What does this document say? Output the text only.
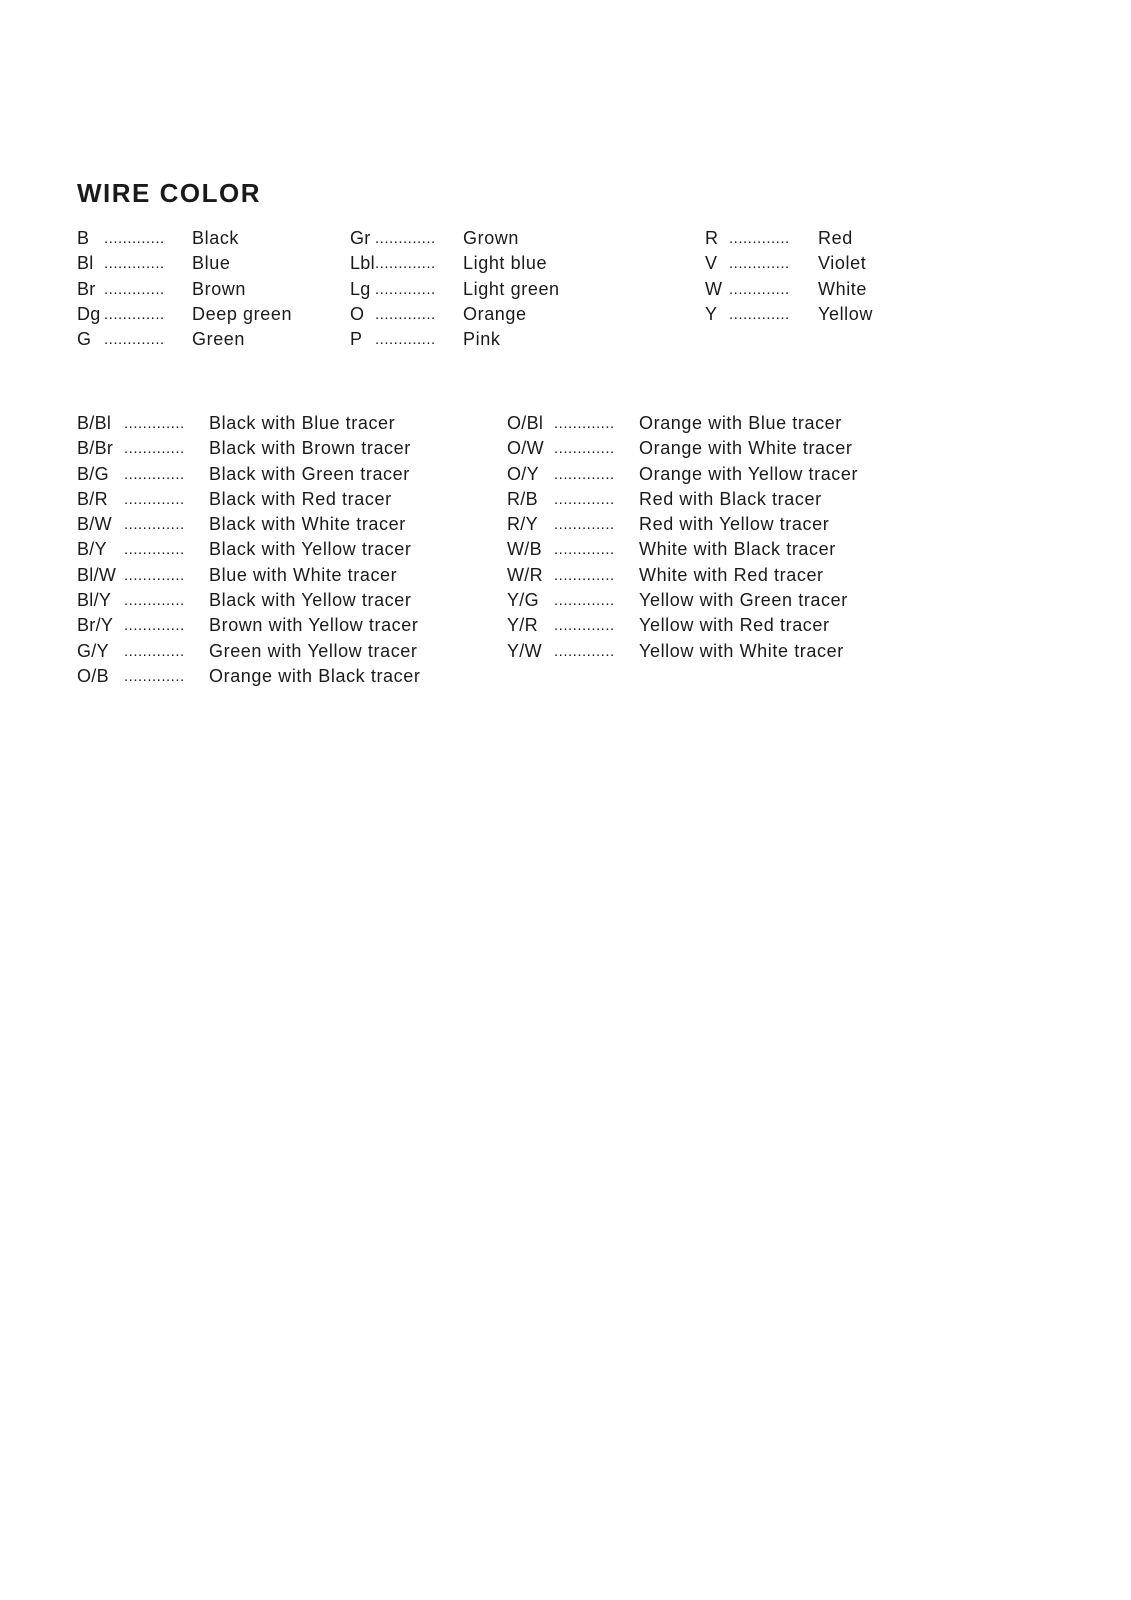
WIRE COLOR
B ............. Black
Bl ............. Blue
Br ............. Brown
Dg ............. Deep green
G ............. Green
Gr ............. Grown
Lbl ............. Light blue
Lg ............. Light green
O ............. Orange
P ............. Pink
R ............. Red
V ............. Violet
W ............. White
Y ............. Yellow
B/Bl ............. Black with Blue tracer
B/Br ............. Black with Brown tracer
B/G ............. Black with Green tracer
B/R ............. Black with Red tracer
B/W ............. Black with White tracer
B/Y ............. Black with Yellow tracer
Bl/W ............. Blue with White tracer
Bl/Y ............. Black with Yellow tracer
Br/Y ............. Brown with Yellow tracer
G/Y ............. Green with Yellow tracer
O/B ............. Orange with Black tracer
O/Bl ............. Orange with Blue tracer
O/W ............. Orange with White tracer
O/Y ............. Orange with Yellow tracer
R/B ............. Red with Black tracer
R/Y ............. Red with Yellow tracer
W/B ............. White with Black tracer
W/R ............. White with Red tracer
Y/G ............. Yellow with Green tracer
Y/R ............. Yellow with Red tracer
Y/W ............. Yellow with White tracer
